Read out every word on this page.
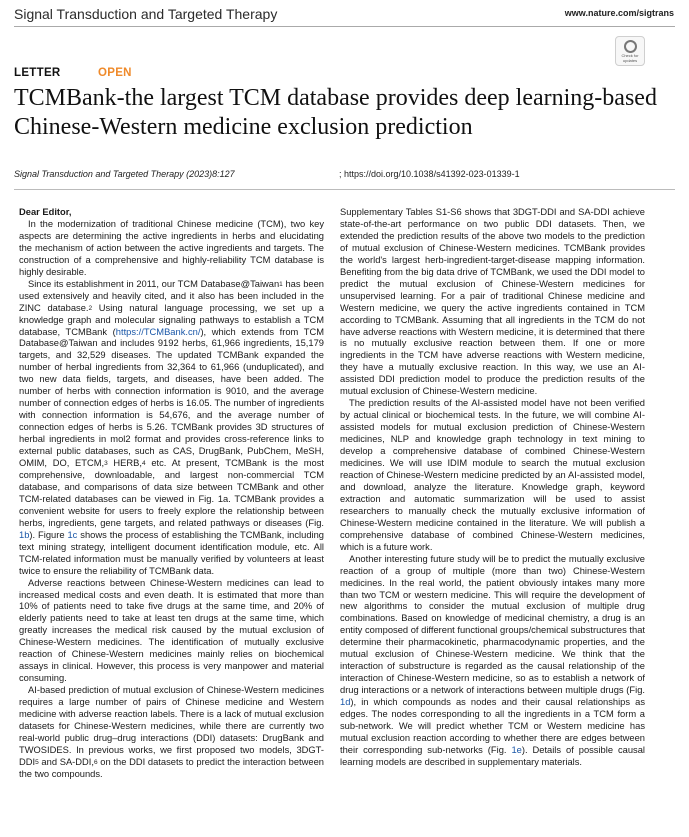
Signal Transduction and Targeted Therapy	www.nature.com/sigtrans
Check for updates
LETTER	OPEN
TCMBank-the largest TCM database provides deep learning-based Chinese-Western medicine exclusion prediction
Signal Transduction and Targeted Therapy (2023)8:127	; https://doi.org/10.1038/s41392-023-01339-1

Dear Editor,

In the modernization of traditional Chinese medicine (TCM), two key aspects are determining the active ingredients in herbs and elucidating the mechanism of action between the active ingredients and targets. The construction of a comprehensive and highly-reliability TCM database is highly desirable.

Since its establishment in 2011, our TCM Database@Taiwan$^1$ has been used extensively and heavily cited, and it also has been included in the ZINC database.$^2$ Using natural language processing, we set up a knowledge graph and molecular signaling pathways to establish a TCM database, TCMBank (https://TCMBank.cn/), which extends from TCM Database@Taiwan and includes 9192 herbs, 61,966 ingredients, 15,179 targets, and 32,529 diseases. The updated TCMBank expanded the number of herbal ingredients from 32,364 to 61,966 (unduplicated), and two new data fields, targets, and diseases, have been added. The number of herbs with connection information is 9010, and the average number of connection edges of herbs is 16.05. The number of ingredients with connection information is 54,676, and the average number of connection edges of herbs is 5.26. TCMBank provides 3D structures of herbal ingredients in mol2 format and provides cross-reference links to external public databases, such as CAS, DrugBank, PubChem, MeSH, OMIM, DO, ETCM,$^3$ HERB,$^4$ etc. At present, TCMBank is the most comprehensive, downloadable, and largest non-commercial TCM database, and comparisons of data size between TCMBank and other TCM-related databases can be viewed in Fig. 1a. TCMBank provides a convenient website for users to freely explore the relationship between herbs, ingredients, gene targets, and related pathways or diseases (Fig. 1b). Figure 1c shows the process of establishing the TCMBank, including text mining strategy, intelligent document identification module, etc. All TCM-related information must be manually verified by volunteers at least twice to ensure the reliability of TCMBank data.

Adverse reactions between Chinese-Western medicines can lead to increased medical costs and even death. It is estimated that more than 10% of patients need to take five drugs at the same time, and 20% of elderly patients need to take at least ten drugs at the same time, which greatly increases the medical risk caused by the mutual exclusion of Chinese-Western medicines. The identification of mutually exclusive reaction of Chinese-Western medicines mainly relies on biochemical assays in clinical. However, this process is very manpower and material consuming.

AI-based prediction of mutual exclusion of Chinese-Western medicines requires a large number of pairs of Chinese medicine and Western medicine with adverse reaction labels. There is a lack of mutual exclusion datasets for Chinese-Western medicines, while there are currently two real-world public drug–drug interactions (DDI) datasets: DrugBank and TWOSIDES. In previous works, we first proposed two models, 3DGT-DDI$^5$ and SA-DDI,$^6$ on the DDI datasets to predict the interaction between the two compounds.

Supplementary Tables S1-S6 shows that 3DGT-DDI and SA-DDI achieve state-of-the-art performance on two public DDI datasets. Then, we extended the prediction results of the above two models to the prediction of mutual exclusion of Chinese-Western medicines. TCMBank provides the world's largest herb-ingredient-target-disease mapping information. Benefiting from the big data drive of TCMBank, we used the DDI model to predict the mutual exclusion of Chinese-Western medicines for unsupervised learning. For a pair of traditional Chinese medicine and Western medicine, we query the active ingredients contained in TCM according to TCMBank. Assuming that all ingredients in the TCM do not have adverse reactions with Western medicine, it is determined that there is no mutually exclusive reaction between them. If one or more ingredients in the TCM have adverse reactions with Western medicine, they have a mutually exclusive reaction. In this way, we use an AI-assisted DDI prediction model to produce the prediction results of the mutual exclusion of Chinese-Western medicine.

The prediction results of the AI-assisted model have not been verified by actual clinical or biochemical tests. In the future, we will combine AI-assisted models for mutual exclusion prediction of Chinese-Western medicines, NLP and knowledge graph technology in text mining to develop a comprehensive database of combined Chinese-Western medicines. We will use IDIM module to search the mutual exclusion reaction of Chinese-Western medicine predicted by an AI-assisted model, and download, analyze the literature. Knowledge graph, keyword extraction and automatic summarization will be used to assist researchers to manually check the mutually exclusive information of Chinese-Western medicine contained in the literature. We will publish a comprehensive database of combined Chinese-Western medicines, which is a future work.

Another interesting future study will be to predict the mutually exclusive reaction of a group of multiple (more than two) Chinese-Western medicines. In the real world, the patient obviously intakes many more than two TCM or western medicine. This will require the development of new algorithms to consider the mutual exclusion of multiple drug combinations. Based on knowledge of medicinal chemistry, a drug is an entity composed of different functional groups/chemical substructures that determine their pharmacokinetic, pharmacodynamic properties, and the mutual exclusion of Chinese-Western medicine. We think that the interaction of substructure is regarded as the causal relationship of the interaction of Chinese-Western medicine, so as to establish a network of drug interactions or a network of interactions between multiple drugs (Fig. 1d), in which compounds as nodes and their causal relationships as edges. The nodes corresponding to all the ingredients in a TCM form a sub-network. We will predict whether TCM or Western medicine has mutual exclusion reaction according to whether there are edges between their corresponding sub-networks (Fig. 1e). Details of possible causal learning models are described in supplementary materials.
